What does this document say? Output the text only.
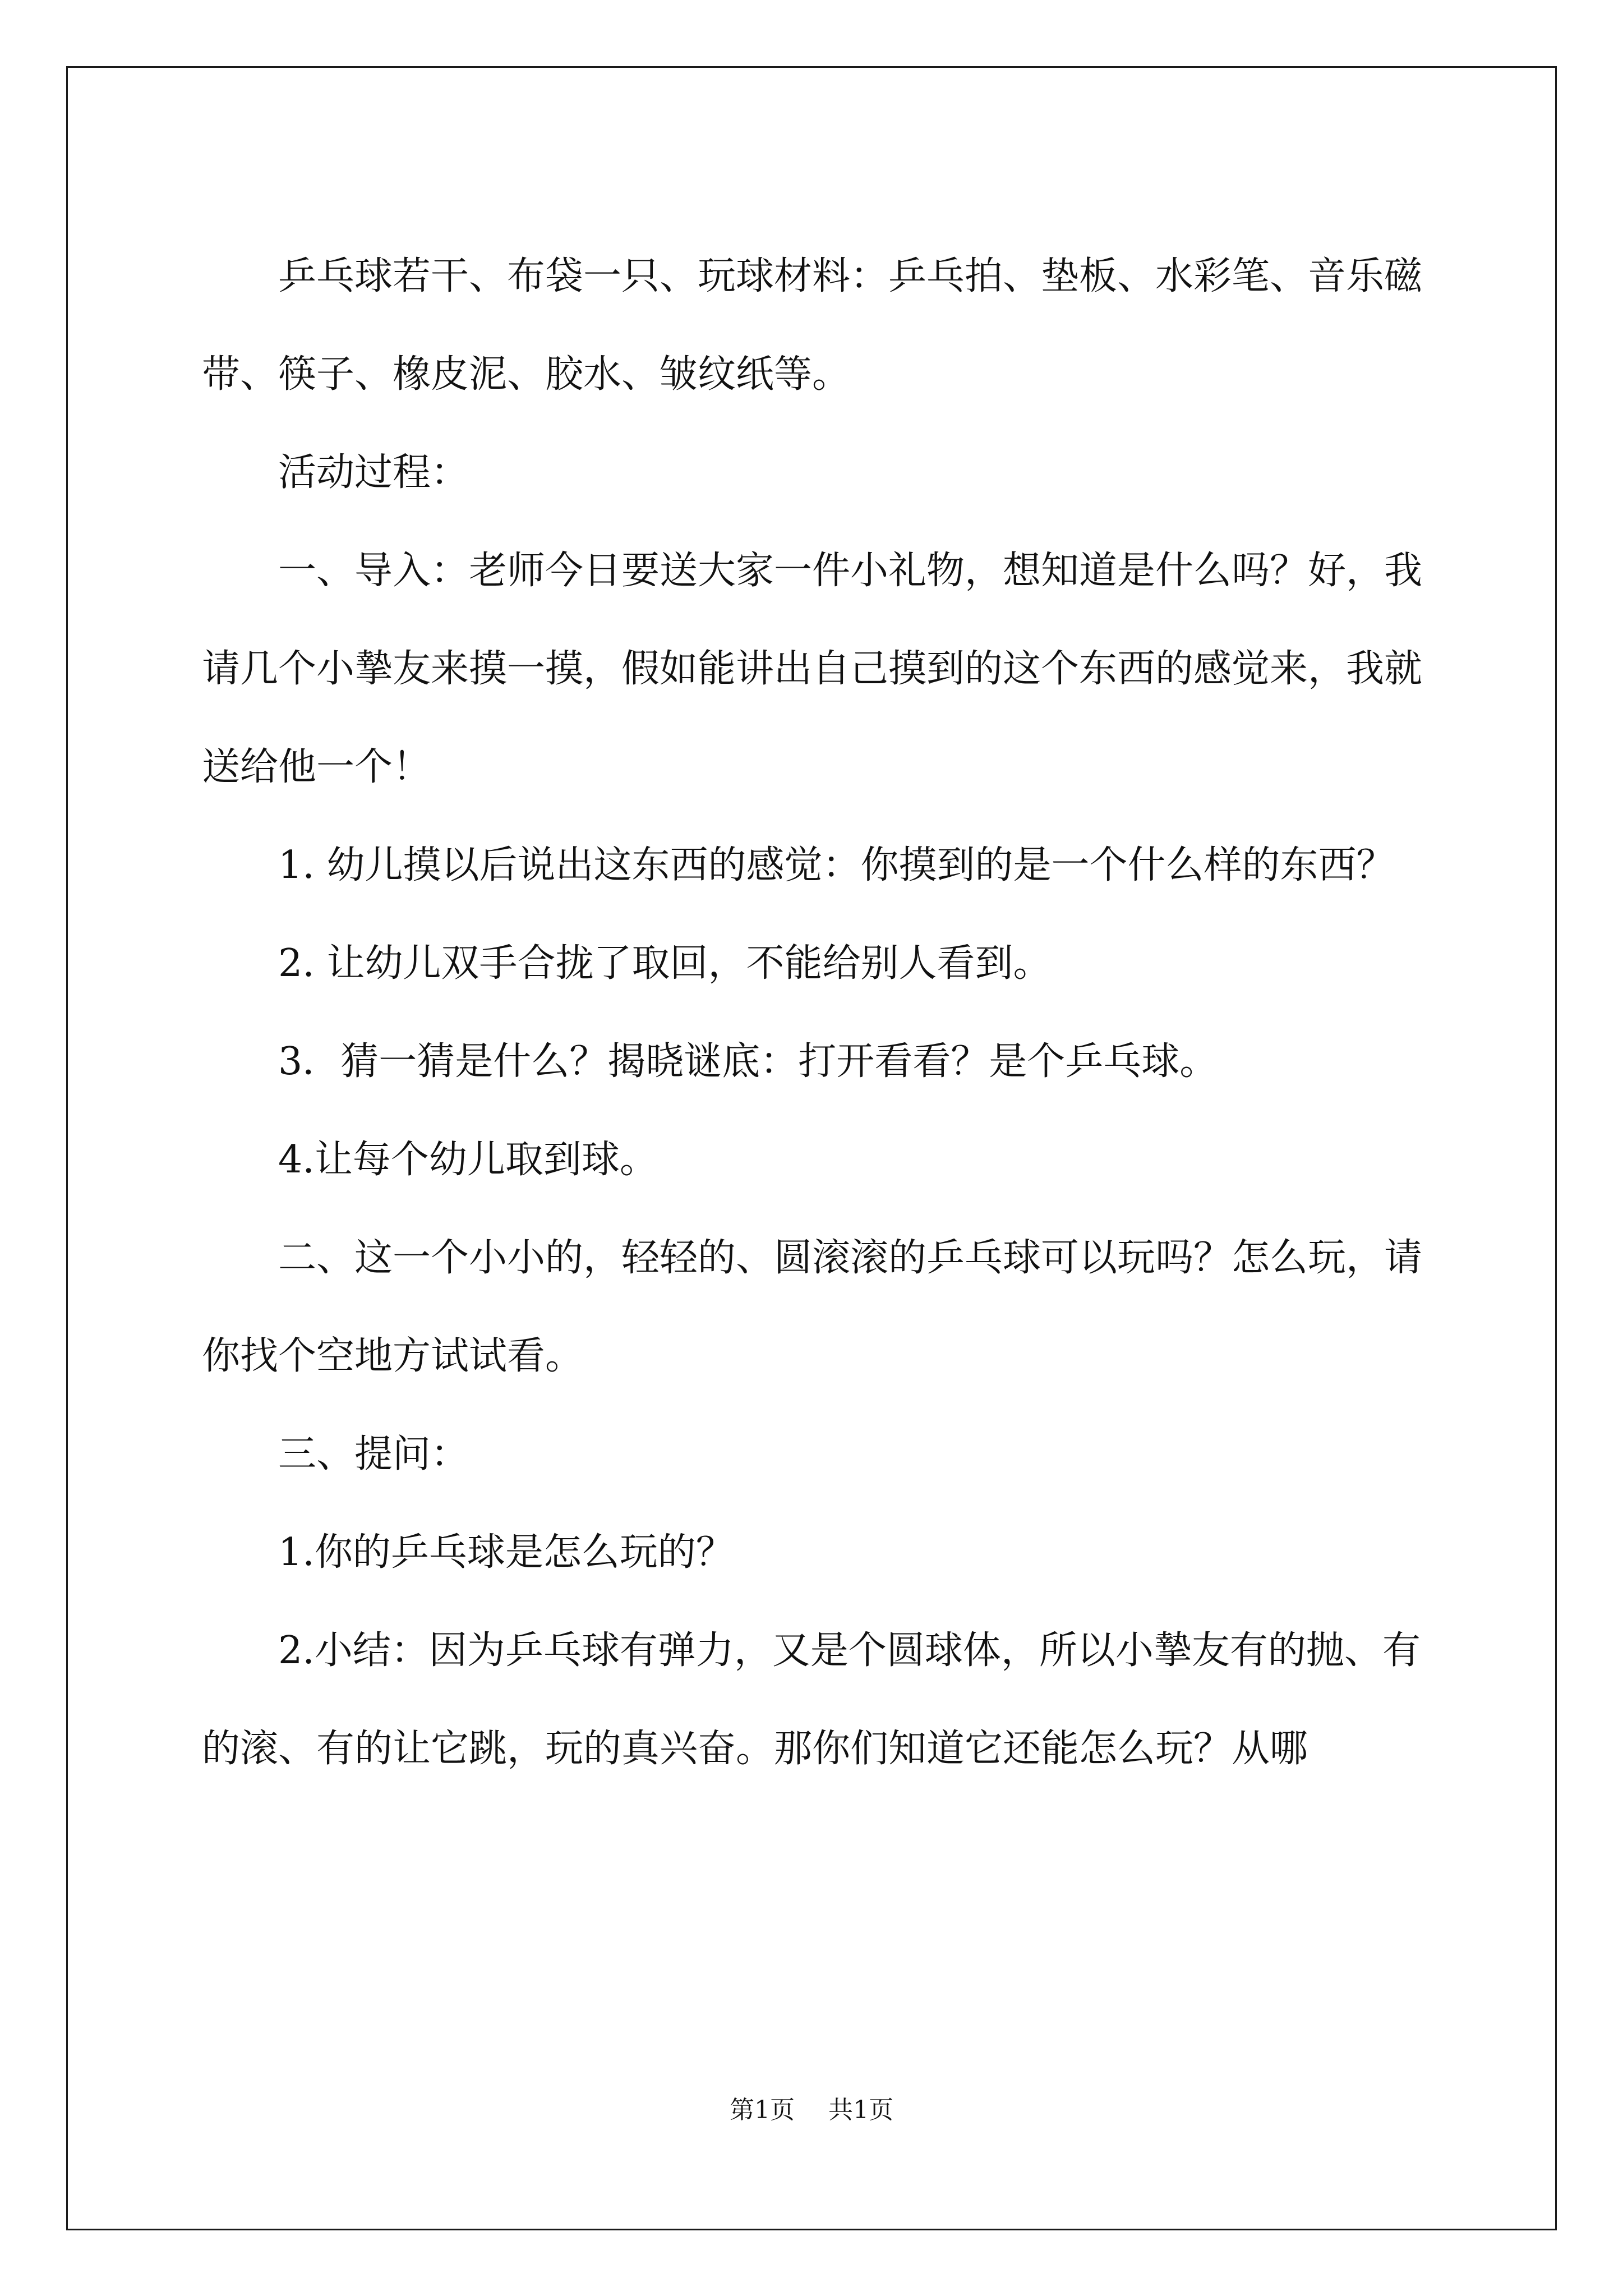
乒乓球若干、布袋一只、玩球材料：乒乓拍、垫板、水彩笔、音乐磁带、筷子、橡皮泥、胶水、皱纹纸等。

活动过程：

一、导入：老师今日要送大家一件小礼物，想知道是什么吗？好，我请几个小摯友来摸一摸，假如能讲出自己摸到的这个东西的感觉来，我就送给他一个！

1. 幼儿摸以后说出这东西的感觉：你摸到的是一个什么样的东西？

2. 让幼儿双手合拢了取回，不能给别人看到。

3．猜一猜是什么？揭晓谜底：打开看看？是个乒乓球。

4.让每个幼儿取到球。

二、这一个小小的，轻轻的、圆滚滚的乒乓球可以玩吗？怎么玩，请你找个空地方试试看。

三、提问：

1.你的乒乓球是怎么玩的？

2.小结：因为乒乓球有弹力，又是个圆球体，所以小摯友有的抛、有的滚、有的让它跳，玩的真兴奋。那你们知道它还能怎么玩？从哪

第1页 共1页
